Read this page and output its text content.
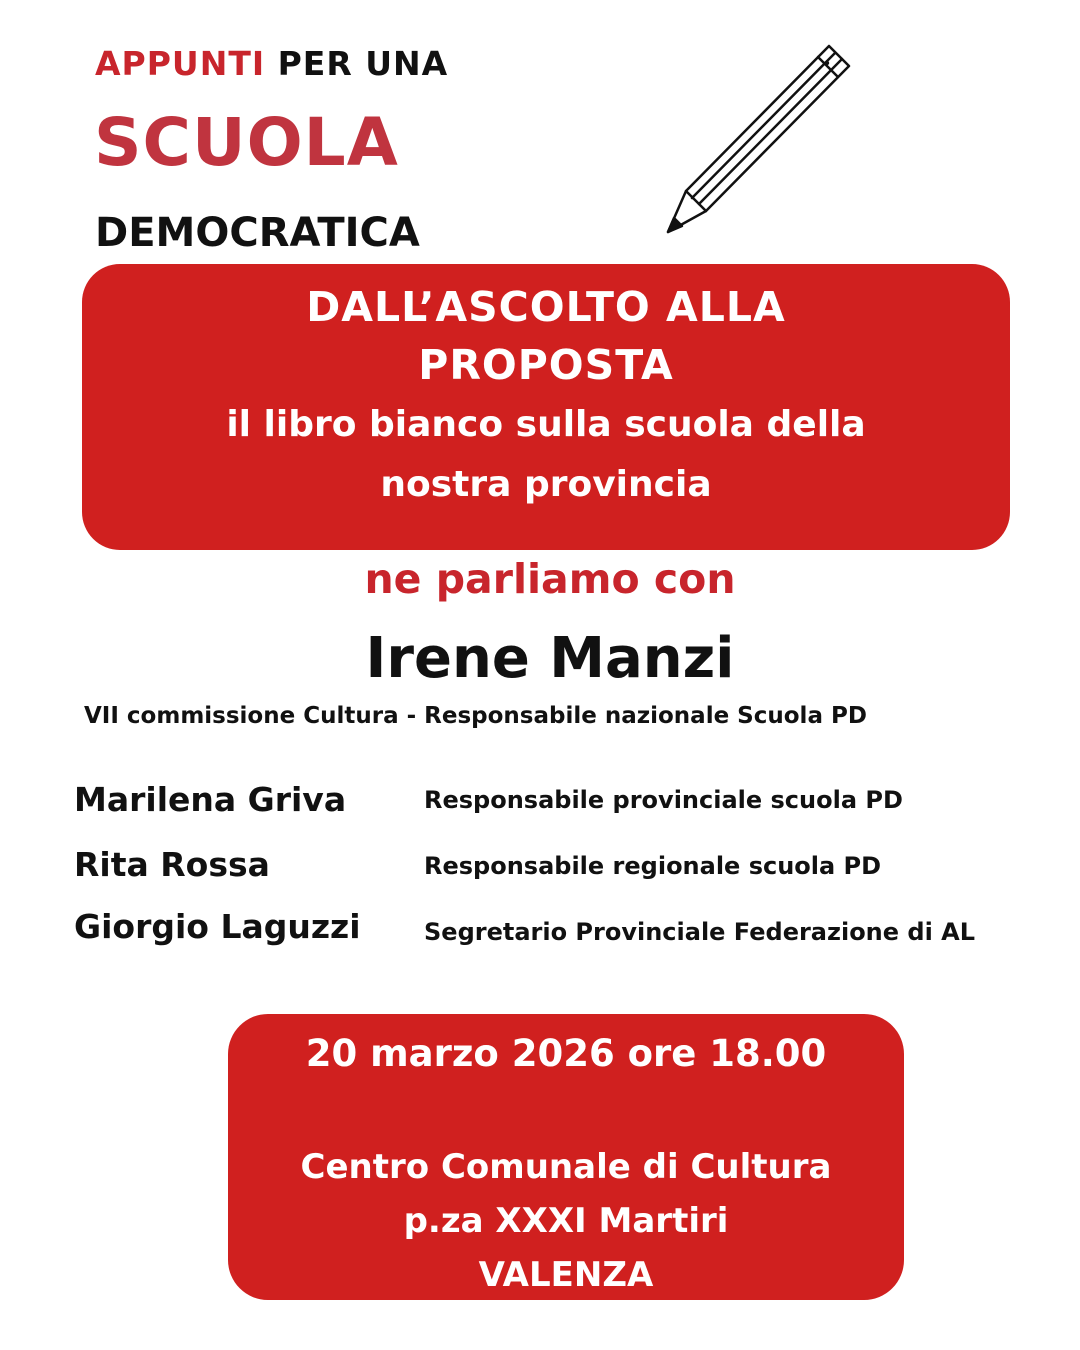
APPUNTI PER UNA
SCUOLA
DEMOCRATICA
DALL’ASCOLTO ALLA
PROPOSTA
il libro bianco sulla scuola della
nostra provincia
ne parliamo con
Irene Manzi
VII commissione Cultura - Responsabile nazionale Scuola PD
Marilena Griva	Responsabile provinciale scuola PD
Rita Rossa	Responsabile regionale scuola PD
Giorgio Laguzzi	Segretario Provinciale Federazione di AL
20 marzo 2026 ore 18.00
Centro Comunale di Cultura
p.za XXXI Martiri
VALENZA
